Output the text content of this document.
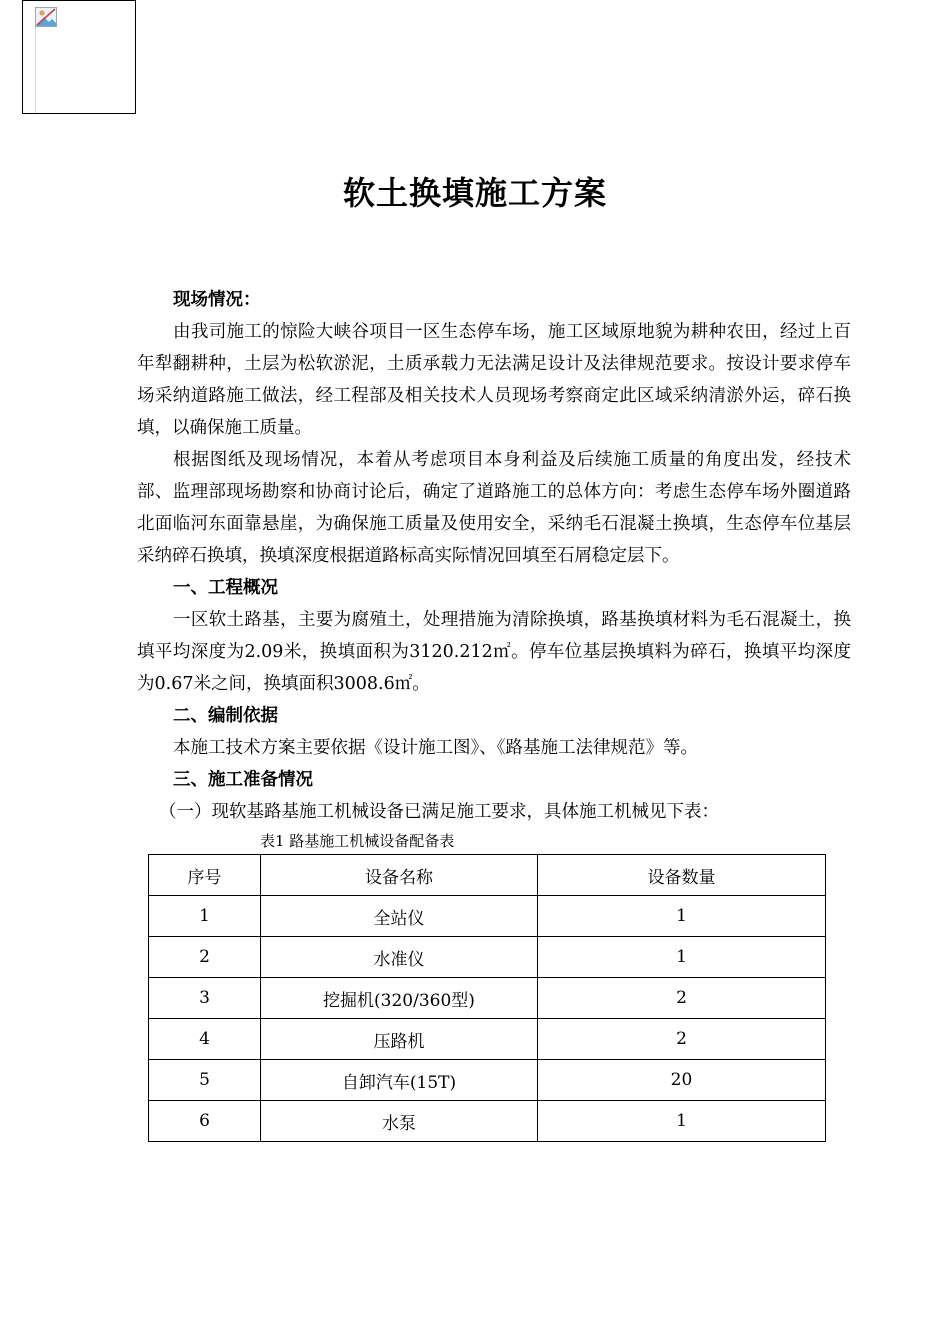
软土换填施工方案

现场情况：

由我司施工的惊险大峡谷项目一区生态停车场，施工区域原地貌为耕种农田，经过上百年犁翻耕种，土层为松软淤泥，土质承载力无法满足设计及法律规范要求。按设计要求停车场采纳道路施工做法，经工程部及相关技术人员现场考察商定此区域采纳清淤外运，碎石换填，以确保施工质量。

根据图纸及现场情况，本着从考虑项目本身利益及后续施工质量的角度出发，经技术部、监理部现场勘察和协商讨论后，确定了道路施工的总体方向：考虑生态停车场外圈道路北面临河东面靠悬崖，为确保施工质量及使用安全，采纳毛石混凝土换填，生态停车位基层采纳碎石换填，换填深度根据道路标高实际情况回填至石屑稳定层下。

一、工程概况

一区软土路基，主要为腐殖土，处理措施为清除换填，路基换填材料为毛石混凝土，换填平均深度为2.09米，换填面积为3120.212㎡。停车位基层换填料为碎石，换填平均深度为0.67米之间，换填面积3008.6㎡。

二、编制依据

本施工技术方案主要依据《设计施工图》、《路基施工法律规范》等。

三、施工准备情况

（一）现软基路基施工机械设备已满足施工要求，具体施工机械见下表：

表1 路基施工机械设备配备表

序号	设备名称	设备数量
1	全站仪	1
2	水准仪	1
3	挖掘机(320/360型)	2
4	压路机	2
5	自卸汽车(15T)	20
6	水泵	1
